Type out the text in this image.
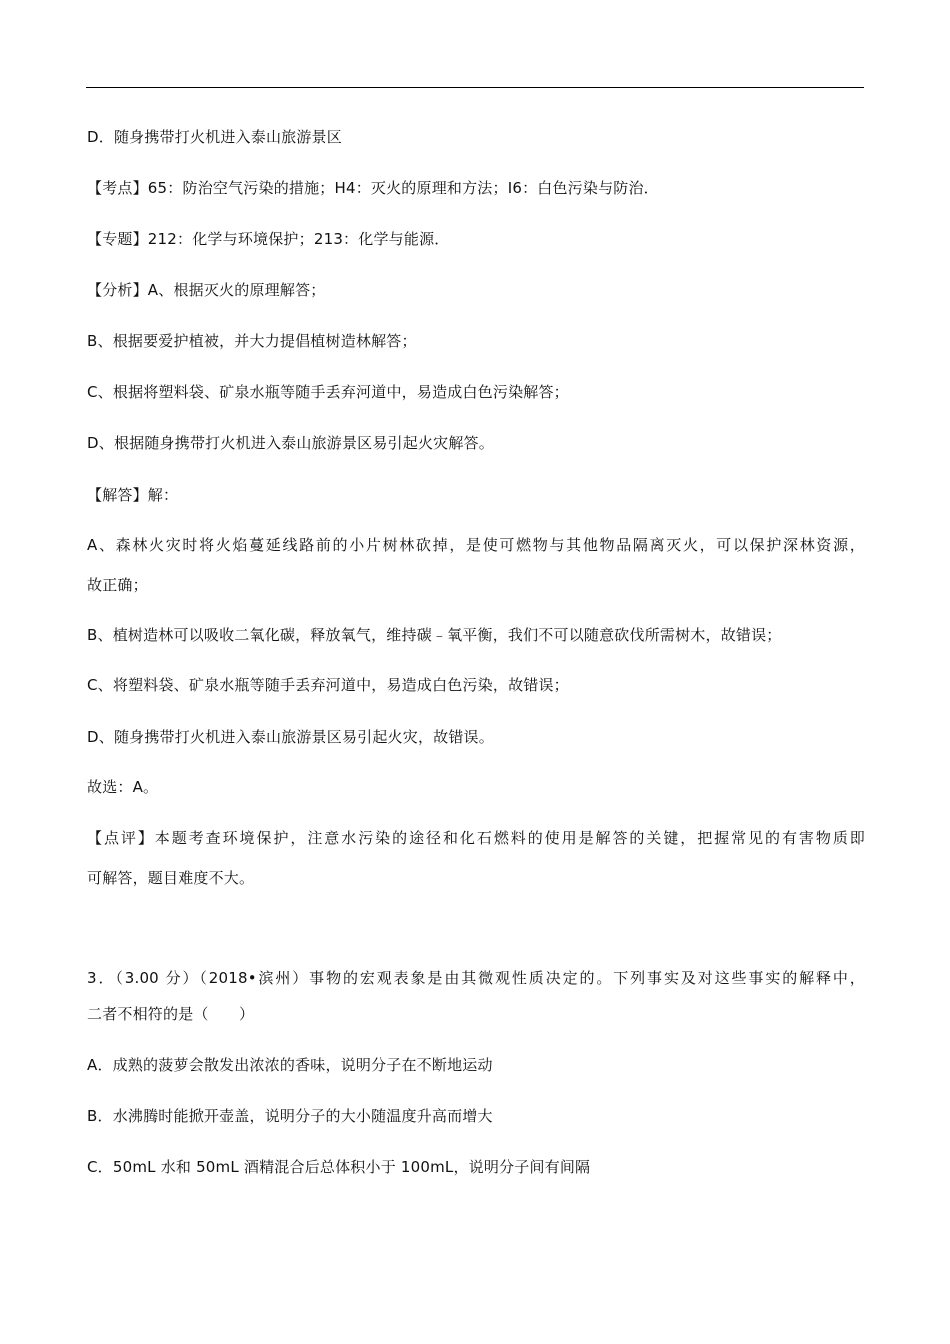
D．随身携带打火机进入泰山旅游景区
【考点】65：防治空气污染的措施；H4：灭火的原理和方法；I6：白色污染与防治．
【专题】212：化学与环境保护；213：化学与能源．
【分析】A、根据灭火的原理解答；
B、根据要爱护植被，并大力提倡植树造林解答；
C、根据将塑料袋、矿泉水瓶等随手丢弃河道中，易造成白色污染解答；
D、根据随身携带打火机进入泰山旅游景区易引起火灾解答。
【解答】解：
A、森林火灾时将火焰蔓延线路前的小片树林砍掉，是使可燃物与其他物品隔离灭火，可以保护深林资源，
故正确；
B、植树造林可以吸收二氧化碳，释放氧气，维持碳﹣氧平衡，我们不可以随意砍伐所需树木，故错误；
C、将塑料袋、矿泉水瓶等随手丢弃河道中，易造成白色污染，故错误；
D、随身携带打火机进入泰山旅游景区易引起火灾，故错误。
故选：A。
【点评】本题考查环境保护，注意水污染的途径和化石燃料的使用是解答的关键，把握常见的有害物质即
可解答，题目难度不大。
3．（3.00 分）（2018•滨州）事物的宏观表象是由其微观性质决定的。下列事实及对这些事实的解释中，
二者不相符的是（　　）
A．成熟的菠萝会散发出浓浓的香味，说明分子在不断地运动
B．水沸腾时能掀开壶盖，说明分子的大小随温度升高而增大
C．50mL 水和 50mL 酒精混合后总体积小于 100mL，说明分子间有间隔
